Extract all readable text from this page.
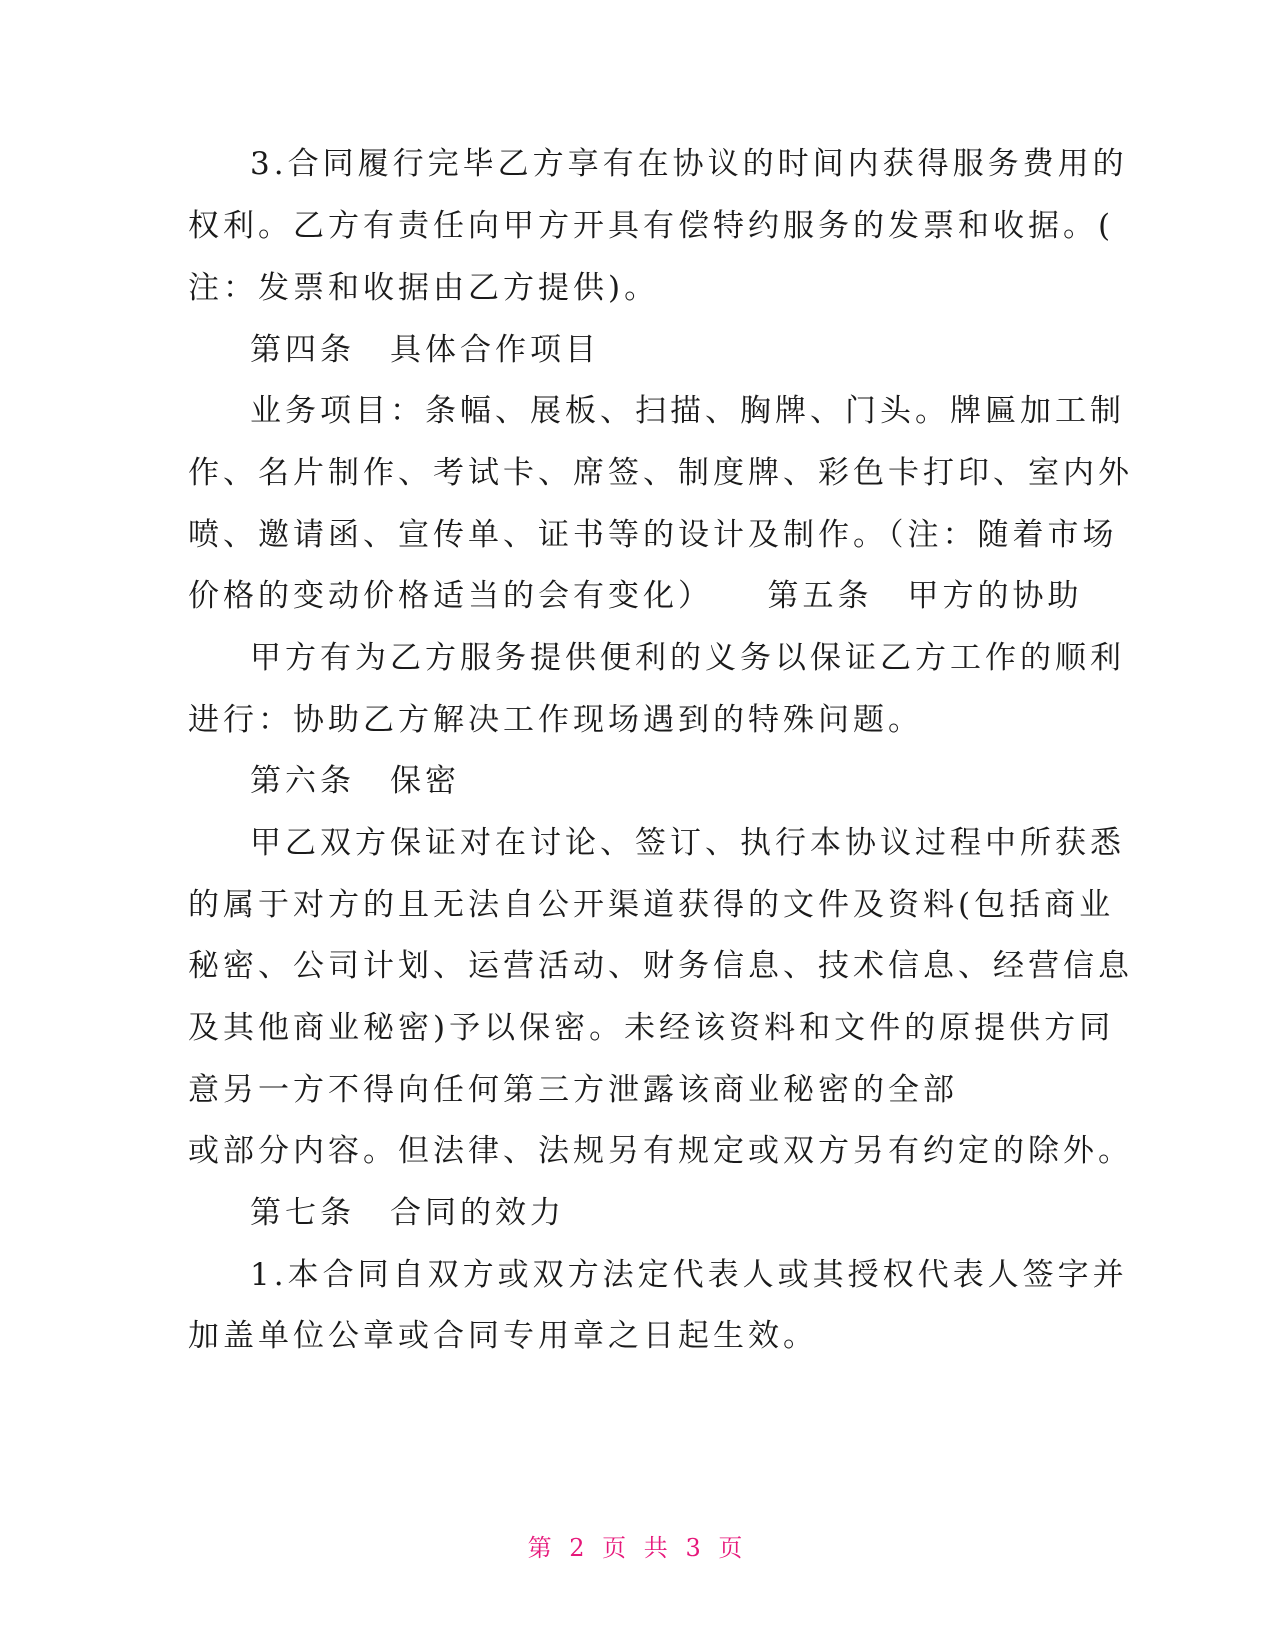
3.合同履行完毕乙方享有在协议的时间内获得服务费用的
权利。乙方有责任向甲方开具有偿特约服务的发票和收据。(
注：发票和收据由乙方提供)。
第四条　具体合作项目
业务项目：条幅、展板、扫描、胸牌、门头。牌匾加工制
作、名片制作、考试卡、席签、制度牌、彩色卡打印、室内外
喷、邀请函、宣传单、证书等的设计及制作。（注：随着市场
价格的变动价格适当的会有变化）　　第五条　甲方的协助
甲方有为乙方服务提供便利的义务以保证乙方工作的顺利
进行：协助乙方解决工作现场遇到的特殊问题。
第六条　保密
甲乙双方保证对在讨论、签订、执行本协议过程中所获悉
的属于对方的且无法自公开渠道获得的文件及资料(包括商业
秘密、公司计划、运营活动、财务信息、技术信息、经营信息
及其他商业秘密)予以保密。未经该资料和文件的原提供方同
意另一方不得向任何第三方泄露该商业秘密的全部
或部分内容。但法律、法规另有规定或双方另有约定的除外。
第七条　合同的效力
1.本合同自双方或双方法定代表人或其授权代表人签字并
加盖单位公章或合同专用章之日起生效。
第 2 页 共 3 页
